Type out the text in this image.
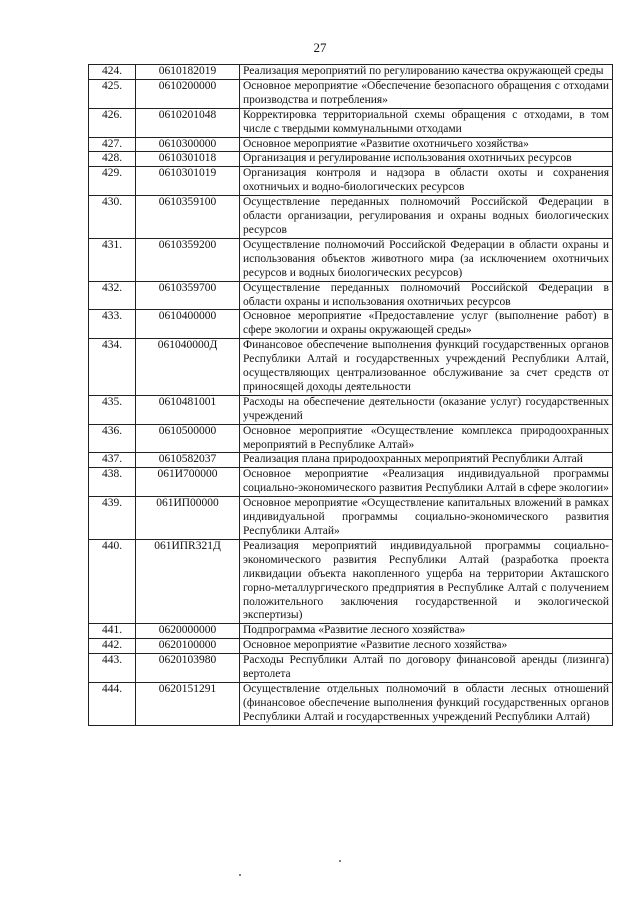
27
424.	0610182019	Реализация мероприятий по регулированию качества окружающей среды
425.	0610200000	Основное мероприятие «Обеспечение безопасного обращения с отходами производства и потребления»
426.	0610201048	Корректировка территориальной схемы обращения с отходами, в том числе с твердыми коммунальными отходами
427.	0610300000	Основное мероприятие «Развитие охотничьего хозяйства»
428.	0610301018	Организация и регулирование использования охотничьих ресурсов
429.	0610301019	Организация контроля и надзора в области охоты и сохранения охотничьих и водно-биологических ресурсов
430.	0610359100	Осуществление переданных полномочий Российской Федерации в области организации, регулирования и охраны водных биологических ресурсов
431.	0610359200	Осуществление полномочий Российской Федерации в области охраны и использования объектов животного мира (за исключением охотничьих ресурсов и водных биологических ресурсов)
432.	0610359700	Осуществление переданных полномочий Российской Федерации в области охраны и использования охотничьих ресурсов
433.	0610400000	Основное мероприятие «Предоставление услуг (выполнение работ) в сфере экологии и охраны окружающей среды»
434.	061040000Д	Финансовое обеспечение выполнения функций государственных органов Республики Алтай и государственных учреждений Республики Алтай, осуществляющих централизованное обслуживание за счет средств от приносящей доходы деятельности
435.	0610481001	Расходы на обеспечение деятельности (оказание услуг) государственных учреждений
436.	0610500000	Основное мероприятие «Осуществление комплекса природоохранных мероприятий в Республике Алтай»
437.	0610582037	Реализация плана природоохранных мероприятий Республики Алтай
438.	061И700000	Основное мероприятие «Реализация индивидуальной программы социально-экономического развития Республики Алтай в сфере экологии»
439.	061ИП00000	Основное мероприятие «Осуществление капитальных вложений в рамках индивидуальной программы социально-экономического развития Республики Алтай»
440.	061ИПR321Д	Реализация мероприятий индивидуальной программы социально-экономического развития Республики Алтай (разработка проекта ликвидации объекта накопленного ущерба на территории Акташского горно-металлургического предприятия в Республике Алтай с получением положительного заключения государственной и экологической экспертизы)
441.	0620000000	Подпрограмма «Развитие лесного хозяйства»
442.	0620100000	Основное мероприятие «Развитие лесного хозяйства»
443.	0620103980	Расходы Республики Алтай по договору финансовой аренды (лизинга) вертолета
444.	0620151291	Осуществление отдельных полномочий в области лесных отношений (финансовое обеспечение выполнения функций государственных органов Республики Алтай и государственных учреждений Республики Алтай)
